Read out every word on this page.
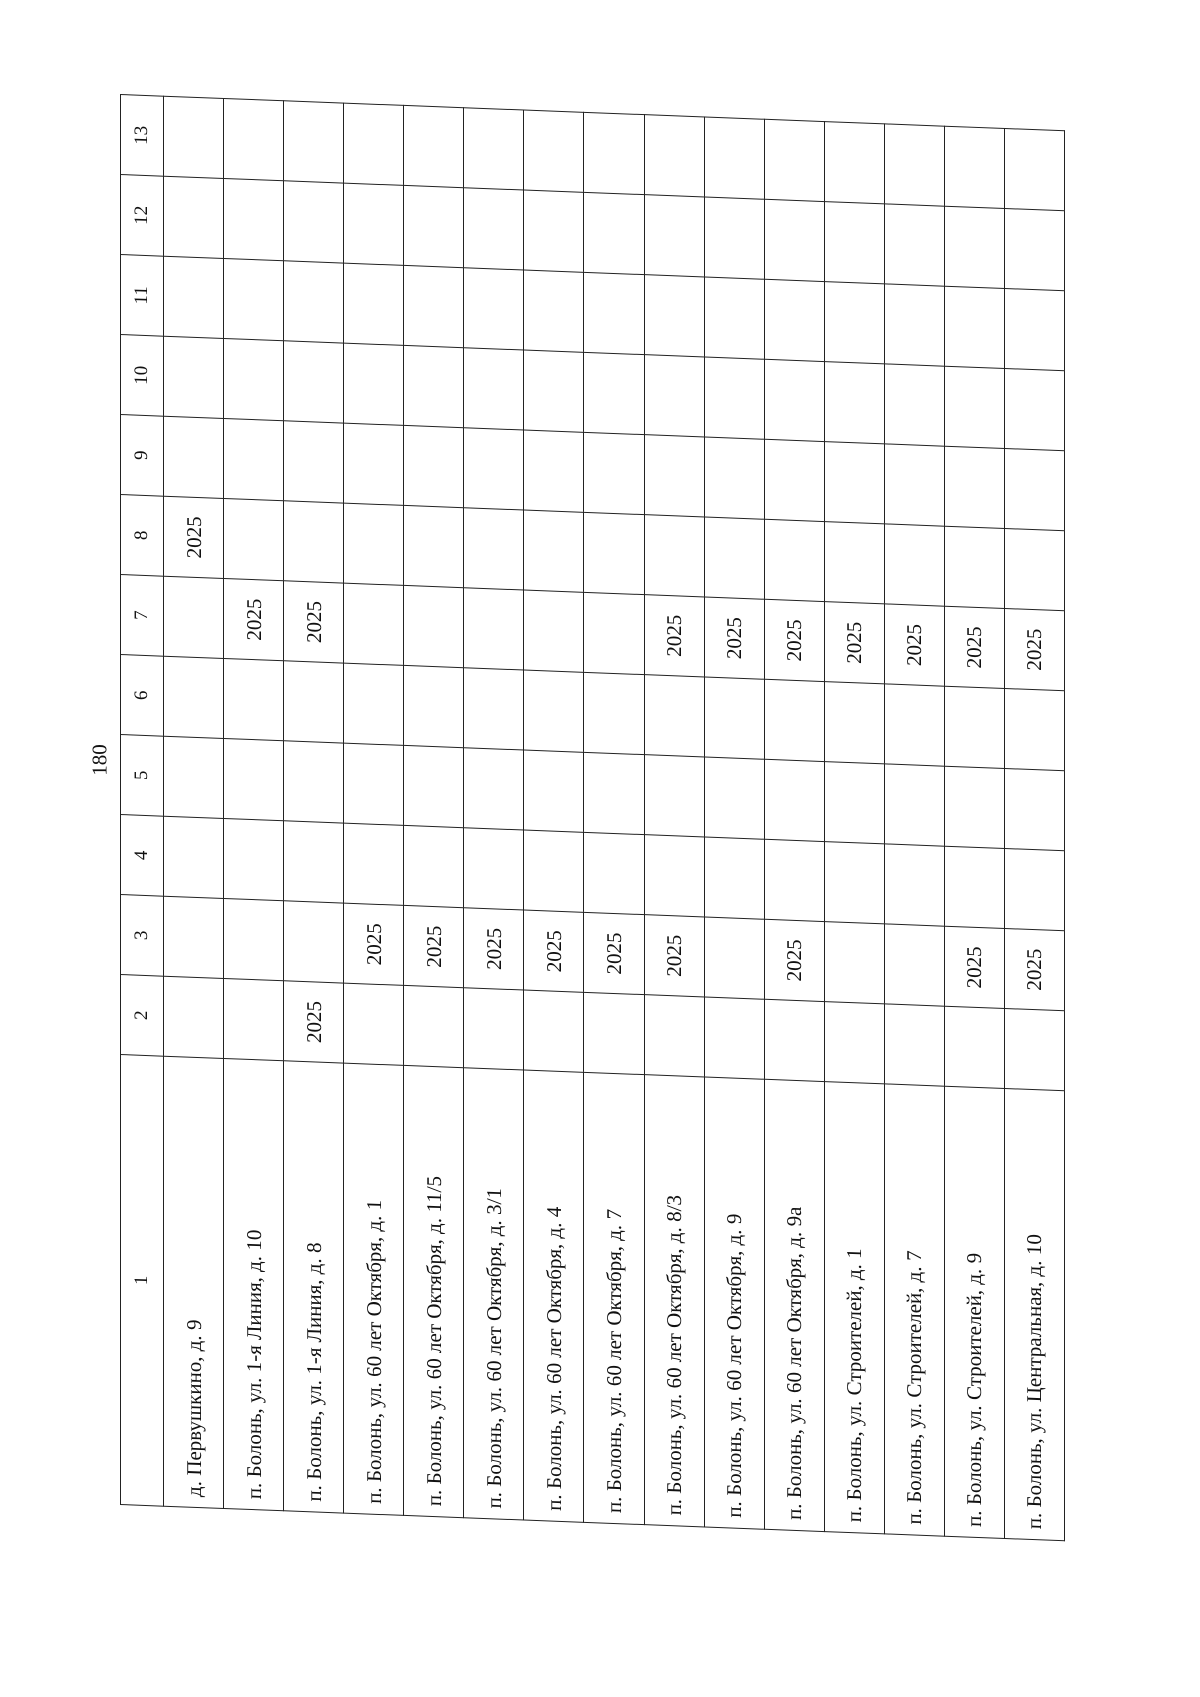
180
1	2	3	4	5	6	7	8	9	10	11	12	13
д. Первушкино, д. 9							2025					
п. Болонь, ул. 1-я Линия, д. 10						2025						
п. Болонь, ул. 1-я Линия, д. 8	2025					2025						
п. Болонь, ул. 60 лет Октября, д. 1		2025										
п. Болонь, ул. 60 лет Октября, д. 11/5		2025										
п. Болонь, ул. 60 лет Октября, д. 3/1		2025										
п. Болонь, ул. 60 лет Октября, д. 4		2025										
п. Болонь, ул. 60 лет Октября, д. 7		2025										
п. Болонь, ул. 60 лет Октября, д. 8/3		2025				2025						
п. Болонь, ул. 60 лет Октября, д. 9						2025						
п. Болонь, ул. 60 лет Октября, д. 9а		2025				2025						
п. Болонь, ул. Строителей, д. 1						2025						
п. Болонь, ул. Строителей, д. 7						2025						
п. Болонь, ул. Строителей, д. 9		2025				2025						
п. Болонь, ул. Центральная, д. 10		2025				2025						
